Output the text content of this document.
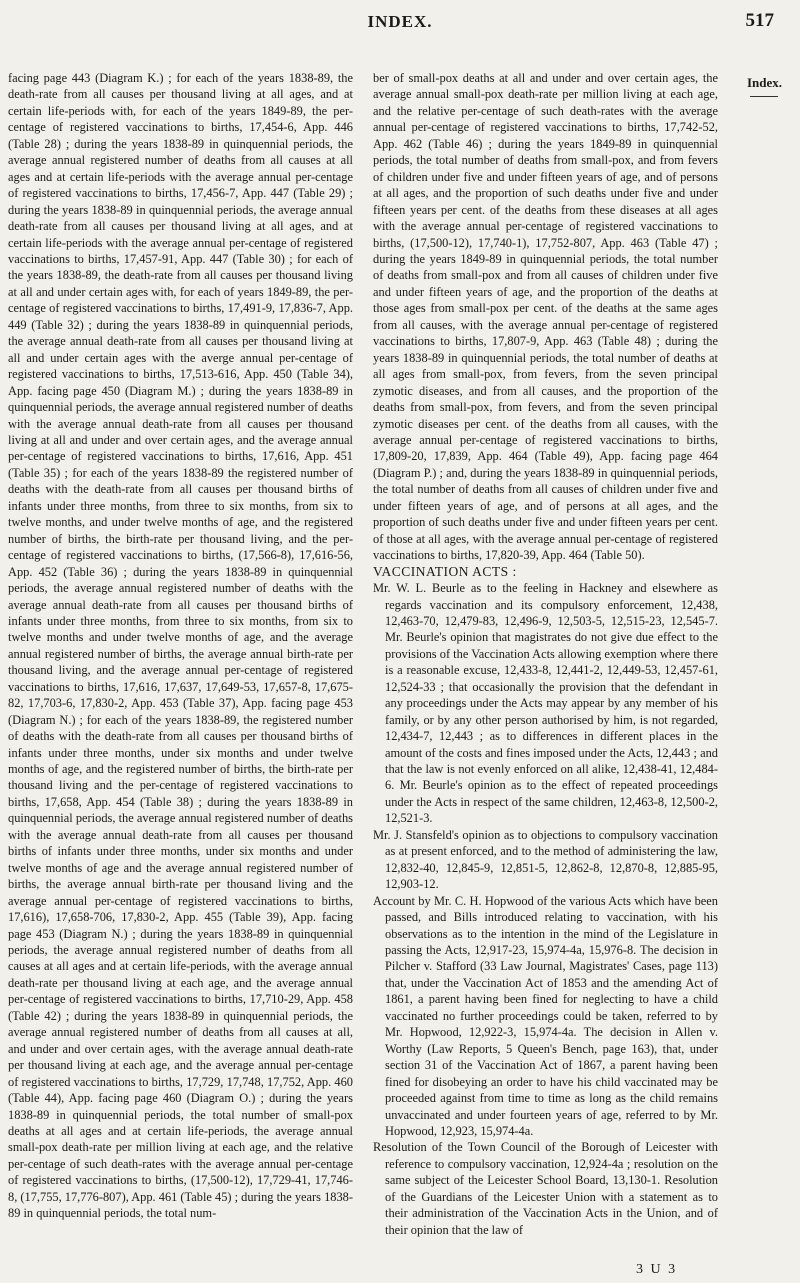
INDEX.	517
Index.

facing page 443 (Diagram K.) ; for each of the years 1838-89, the death-rate from all causes per thousand living at all ages, and at certain life-periods with, for each of the years 1849-89, the per-centage of registered vaccinations to births, 17,454-6, App. 446 (Table 28) ; during the years 1838-89 in quinquennial periods, the average annual registered number of deaths from all causes at all ages and at certain life-periods with the average annual per-centage of registered vaccinations to births, 17,456-7, App. 447 (Table 29) ; during the years 1838-89 in quinquennial periods, the average annual death-rate from all causes per thousand living at all ages, and at certain life-periods with the average annual per-centage of registered vaccinations to births, 17,457-91, App. 447 (Table 30) ; for each of the years 1838-89, the death-rate from all causes per thousand living at all and under certain ages with, for each of years 1849-89, the per-centage of registered vaccinations to births, 17,491-9, 17,836-7, App. 449 (Table 32) ; during the years 1838-89 in quinquennial periods, the average annual death-rate from all causes per thousand living at all and under certain ages with the averge annual per-centage of registered vaccinations to births, 17,513-616, App. 450 (Table 34), App. facing page 450 (Diagram M.) ; during the years 1838-89 in quinquennial periods, the average annual registered number of deaths with the average annual death-rate from all causes per thousand living at all and under and over certain ages, and the average annual per-centage of registered vaccinations to births, 17,616, App. 451 (Table 35) ; for each of the years 1838-89 the registered number of deaths with the death-rate from all causes per thousand births of infants under three months, from three to six months, from six to twelve months, and under twelve months of age, and the registered number of births, the birth-rate per thousand living, and the per-centage of registered vaccinations to births, (17,566-8), 17,616-56, App. 452 (Table 36) ; during the years 1838-89 in quinquennial periods, the average annual registered number of deaths with the average annual death-rate from all causes per thousand births of infants under three months, from three to six months, from six to twelve months and under twelve months of age, and the average annual registered number of births, the average annual birth-rate per thousand living, and the average annual per-centage of registered vaccinations to births, 17,616, 17,637, 17,649-53, 17,657-8, 17,675-82, 17,703-6, 17,830-2, App. 453 (Table 37), App. facing page 453 (Diagram N.) ; for each of the years 1838-89, the registered number of deaths with the death-rate from all causes per thousand births of infants under three months, under six months and under twelve months of age, and the registered number of births, the birth-rate per thousand living and the per-centage of registered vaccinations to births, 17,658, App. 454 (Table 38) ; during the years 1838-89 in quinquennial periods, the average annual registered number of deaths with the average annual death-rate from all causes per thousand births of infants under three months, under six months and under twelve months of age and the average annual registered number of births, the average annual birth-rate per thousand living and the average annual per-centage of registered vaccinations to births, 17,616), 17,658-706, 17,830-2, App. 455 (Table 39), App. facing page 453 (Diagram N.) ; during the years 1838-89 in quinquennial periods, the average annual registered number of deaths from all causes at all ages and at certain life-periods, with the average annual death-rate per thousand living at each age, and the average annual per-centage of registered vaccinations to births, 17,710-29, App. 458 (Table 42) ; during the years 1838-89 in quinquennial periods, the average annual registered number of deaths from all causes at all, and under and over certain ages, with the average annual death-rate per thousand living at each age, and the average annual per-centage of registered vaccinations to births, 17,729, 17,748, 17,752, App. 460 (Table 44), App. facing page 460 (Diagram O.) ; during the years 1838-89 in quinquennial periods, the total number of small-pox deaths at all ages and at certain life-periods, the average annual small-pox death-rate per million living at each age, and the relative per-centage of such death-rates with the average annual per-centage of registered vaccinations to births, (17,500-12), 17,729-41, 17,746-8, (17,755, 17,776-807), App. 461 (Table 45) ; during the years 1838-89 in quinquennial periods, the total num-

ber of small-pox deaths at all and under and over certain ages, the average annual small-pox death-rate per million living at each age, and the relative per-centage of such death-rates with the average annual per-centage of registered vaccinations to births, 17,742-52, App. 462 (Table 46) ; during the years 1849-89 in quinquennial periods, the total number of deaths from small-pox, and from fevers of children under five and under fifteen years of age, and of persons at all ages, and the proportion of such deaths under five and under fifteen years per cent. of the deaths from these diseases at all ages with the average annual per-centage of registered vaccinations to births, (17,500-12), 17,740-1), 17,752-807, App. 463 (Table 47) ; during the years 1849-89 in quinquennial periods, the total number of deaths from small-pox and from all causes of children under five and under fifteen years of age, and the proportion of the deaths at those ages from small-pox per cent. of the deaths at the same ages from all causes, with the average annual per-centage of registered vaccinations to births, 17,807-9, App. 463 (Table 48) ; during the years 1838-89 in quinquennial periods, the total number of deaths at all ages from small-pox, from fevers, from the seven principal zymotic diseases, and from all causes, and the proportion of the deaths from small-pox, from fevers, and from the seven principal zymotic diseases per cent. of the deaths from all causes, with the average annual per-centage of registered vaccinations to births, 17,809-20, 17,839, App. 464 (Table 49), App. facing page 464 (Diagram P.) ; and, during the years 1838-89 in quinquennial periods, the total number of deaths from all causes of children under five and under fifteen years of age, and of persons at all ages, and the proportion of such deaths under five and under fifteen years per cent. of those at all ages, with the average annual per-centage of registered vaccinations to births, 17,820-39, App. 464 (Table 50).

VACCINATION ACTS :

Mr. W. L. Beurle as to the feeling in Hackney and elsewhere as regards vaccination and its compulsory enforcement, 12,438, 12,463-70, 12,479-83, 12,496-9, 12,503-5, 12,515-23, 12,545-7. Mr. Beurle's opinion that magistrates do not give due effect to the provisions of the Vaccination Acts allowing exemption where there is a reasonable excuse, 12,433-8, 12,441-2, 12,449-53, 12,457-61, 12,524-33 ; that occasionally the provision that the defendant in any proceedings under the Acts may appear by any member of his family, or by any other person authorised by him, is not regarded, 12,434-7, 12,443 ; as to differences in different places in the amount of the costs and fines imposed under the Acts, 12,443 ; and that the law is not evenly enforced on all alike, 12,438-41, 12,484-6. Mr. Beurle's opinion as to the effect of repeated proceedings under the Acts in respect of the same children, 12,463-8, 12,500-2, 12,521-3.

Mr. J. Stansfeld's opinion as to objections to compulsory vaccination as at present enforced, and to the method of administering the law, 12,832-40, 12,845-9, 12,851-5, 12,862-8, 12,870-8, 12,885-95, 12,903-12.

Account by Mr. C. H. Hopwood of the various Acts which have been passed, and Bills introduced relating to vaccination, with his observations as to the intention in the mind of the Legislature in passing the Acts, 12,917-23, 15,974-4a, 15,976-8. The decision in Pilcher v. Stafford (33 Law Journal, Magistrates' Cases, page 113) that, under the Vaccination Act of 1853 and the amending Act of 1861, a parent having been fined for neglecting to have a child vaccinated no further proceedings could be taken, referred to by Mr. Hopwood, 12,922-3, 15,974-4a. The decision in Allen v. Worthy (Law Reports, 5 Queen's Bench, page 163), that, under section 31 of the Vaccination Act of 1867, a parent having been fined for disobeying an order to have his child vaccinated may be proceeded against from time to time as long as the child remains unvaccinated and under fourteen years of age, referred to by Mr. Hopwood, 12,923, 15,974-4a.

Resolution of the Town Council of the Borough of Leicester with reference to compulsory vaccination, 12,924-4a ; resolution on the same subject of the Leicester School Board, 13,130-1. Resolution of the Guardians of the Leicester Union with a statement as to their administration of the Vaccination Acts in the Union, and of their opinion that the law of

3 U 3
